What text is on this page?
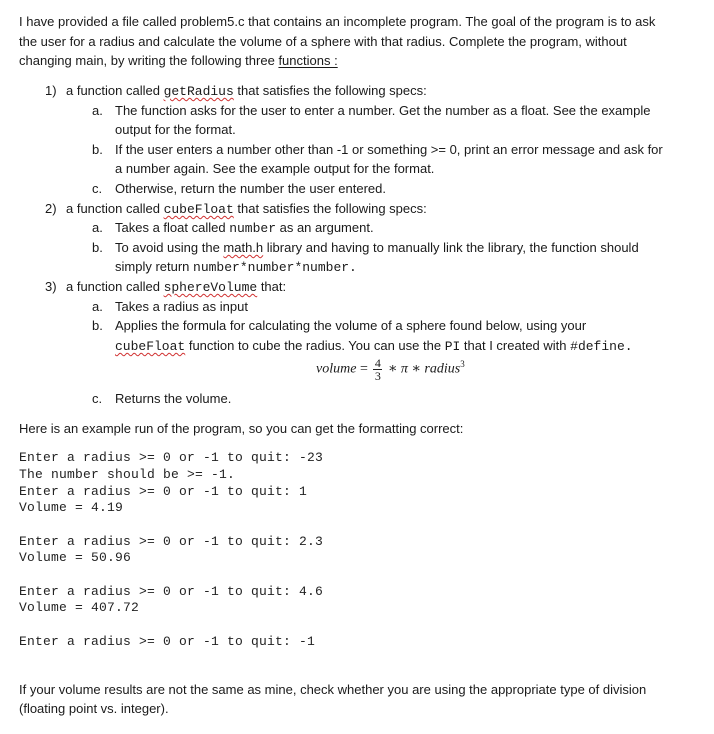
I have provided a file called problem5.c that contains an incomplete program. The goal of the program is to ask
the user for a radius and calculate the volume of a sphere with that radius. Complete the program, without
changing main, by writing the following three functions :
1) a function called getRadius that satisfies the following specs:
a. The function asks for the user to enter a number. Get the number as a float. See the example
output for the format.
b. If the user enters a number other than -1 or something >= 0, print an error message and ask for
a number again. See the example output for the format.
c. Otherwise, return the number the user entered.
2) a function called cubeFloat that satisfies the following specs:
a. Takes a float called number as an argument.
b. To avoid using the math.h library and having to manually link the library, the function should
simply return number*number*number.
3) a function called sphereVolume that:
a. Takes a radius as input
b. Applies the formula for calculating the volume of a sphere found below, using your
cubeFloat function to cube the radius. You can use the PI that I created with #define.
volume = $\frac{4}{3}$ ∗ π ∗ radius$^3$
c. Returns the volume.
Here is an example run of the program, so you can get the formatting correct:
Enter a radius >= 0 or -1 to quit: -23
The number should be >= -1.
Enter a radius >= 0 or -1 to quit: 1
Volume = 4.19
Enter a radius >= 0 or -1 to quit: 2.3
Volume = 50.96
Enter a radius >= 0 or -1 to quit: 4.6
Volume = 407.72
Enter a radius >= 0 or -1 to quit: -1
If your volume results are not the same as mine, check whether you are using the appropriate type of division
(floating point vs. integer).
